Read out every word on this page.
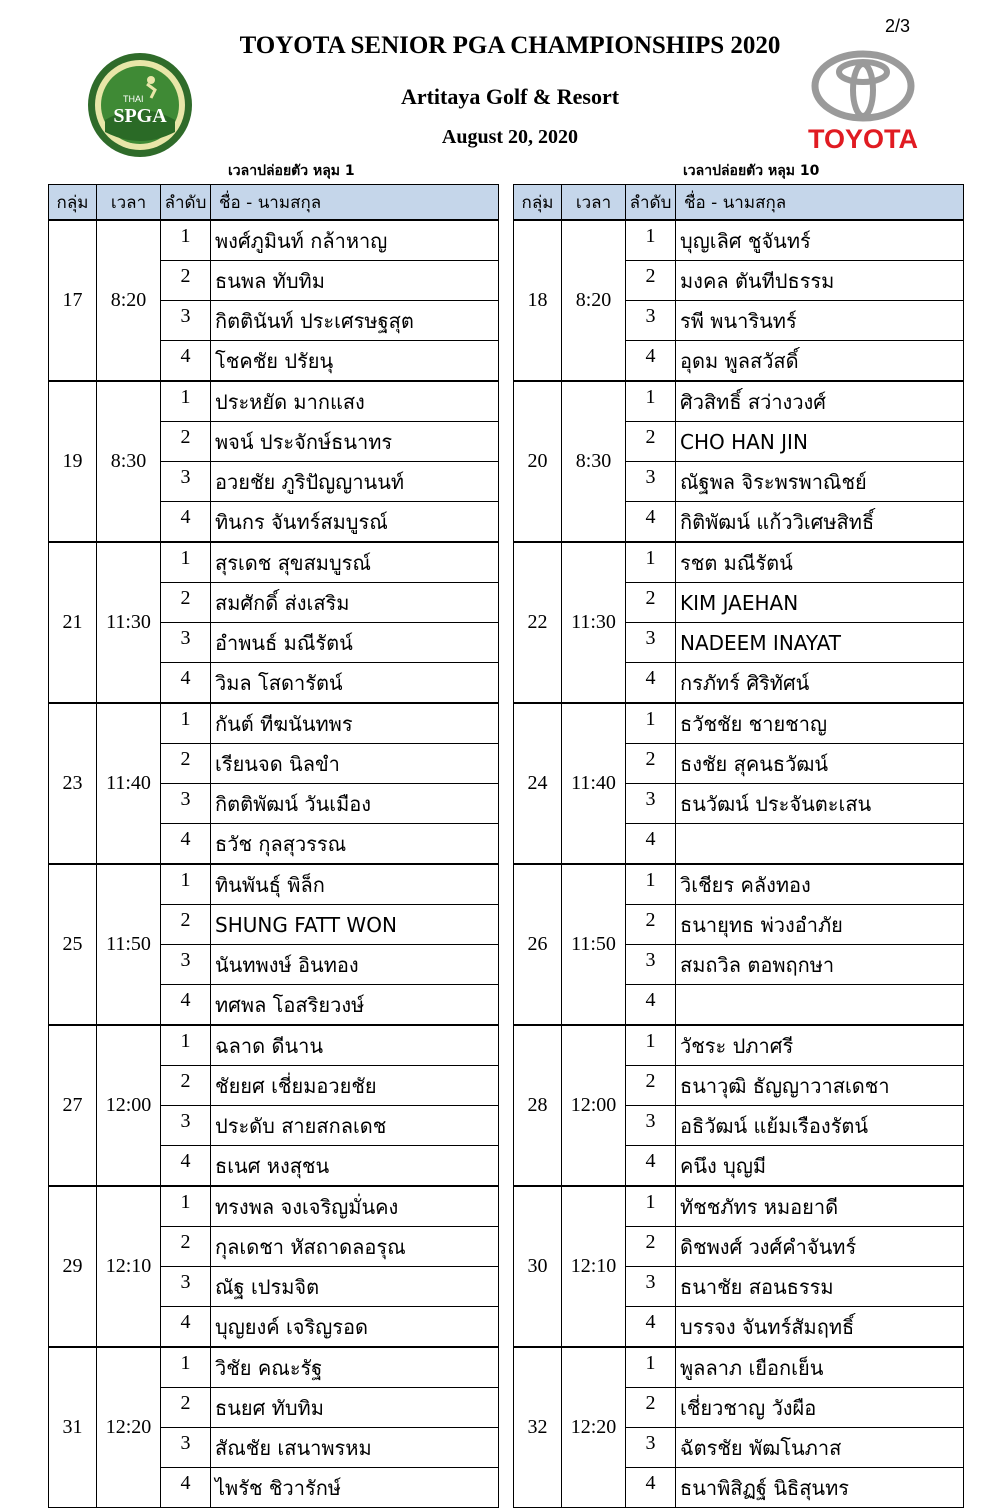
2/3
THAI
SPGA
TOYOTA
TOYOTA SENIOR PGA CHAMPIONSHIPS 2020
Artitaya Golf & Resort
August 20, 2020
เวลาปล่อยตัว หลุม 1	เวลาปล่อยตัว หลุม 10
กลุ่ม	เวลา	ลำดับ	ชื่อ - นามสกุล
17	8:20	1	พงศ์ภูมินท์ กล้าหาญ
		2	ธนพล ทับทิม
		3	กิตตินันท์ ประเศรษฐสุต
		4	โชคชัย ปรัยนุ
19	8:30	1	ประหยัด มากแสง
		2	พจน์ ประจักษ์ธนาทร
		3	อวยชัย ภูริปัญญานนท์
		4	ทินกร จันทร์สมบูรณ์
21	11:30	1	สุรเดช สุขสมบูรณ์
		2	สมศักดิ์ ส่งเสริม
		3	อำพนธ์ มณีรัตน์
		4	วิมล โสดารัตน์
23	11:40	1	กันต์ ทีฆนันทพร
		2	เรียนจด นิลขำ
		3	กิตติพัฒน์ วันเมือง
		4	ธวัช กุลสุวรรณ
25	11:50	1	ทินพันธุ์ พิล็ก
		2	SHUNG FATT WON
		3	นันทพงษ์ อินทอง
		4	ทศพล โอสริยวงษ์
27	12:00	1	ฉลาด ดีนาน
		2	ชัยยศ เชี่ยมอวยชัย
		3	ประดับ สายสกลเดช
		4	ธเนศ หงสุชน
29	12:10	1	ทรงพล จงเจริญมั่นคง
		2	กุลเดชา หัสถาดลอรุณ
		3	ณัฐ เปรมจิต
		4	บุญยงค์ เจริญรอด
31	12:20	1	วิชัย คณะรัฐ
		2	ธนยศ ทับทิม
		3	สัณชัย เสนาพรหม
		4	ไพรัช ชิวารักษ์
กลุ่ม	เวลา	ลำดับ	ชื่อ - นามสกุล
18	8:20	1	บุญเลิศ ชูจันทร์
		2	มงคล ตันทีปธรรม
		3	รพี พนารินทร์
		4	อุดม พูลสวัสดิ์
20	8:30	1	ศิวสิทธิ์ สว่างวงศ์
		2	CHO HAN JIN
		3	ณัฐพล จิระพรพาณิชย์
		4	กิติพัฒน์ แก้ววิเศษสิทธิ์
22	11:30	1	รชต มณีรัตน์
		2	KIM JAEHAN
		3	NADEEM INAYAT
		4	กรภัทร์ ศิริทัศน์
24	11:40	1	ธวัชชัย ชายชาญ
		2	ธงชัย สุคนธวัฒน์
		3	ธนวัฒน์ ประจันตะเสน
		4	
26	11:50	1	วิเชียร คลังทอง
		2	ธนายุทธ พ่วงอำภัย
		3	สมถวิล ตอพฤกษา
		4	
28	12:00	1	วัชระ ปภาศรี
		2	ธนาวุฒิ ธัญญาวาสเดชา
		3	อธิวัฒน์ แย้มเรืองรัตน์
		4	คนึง บุญมี
30	12:10	1	ทัชชภัทร หมอยาดี
		2	ดิชพงศ์ วงศ์คำจันทร์
		3	ธนาชัย สอนธรรม
		4	บรรจง จันทร์สัมฤทธิ์
32	12:20	1	พูลลาภ เยือกเย็น
		2	เชี่ยวชาญ วังผือ
		3	ฉัตรชัย พัฒโนภาส
		4	ธนาพิสิฏฐ์ นิธิสุนทร
